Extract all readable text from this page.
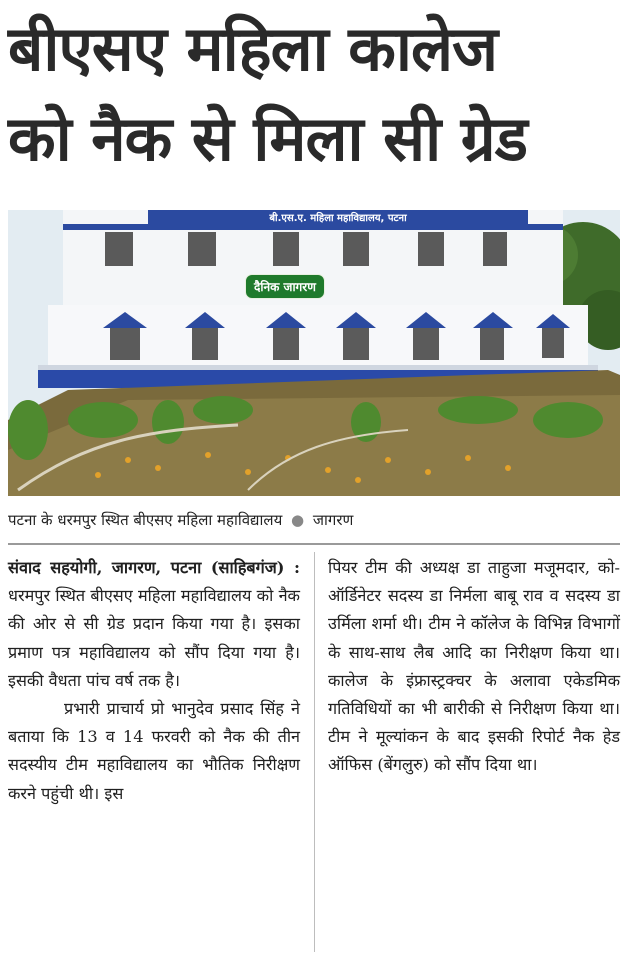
बीएसए महिला कालेज
को नैक से मिला सी ग्रेड
बी.एस.ए. महिला महाविद्यालय, पटना
दैनिक जागरण
पटना के धरमपुर स्थित बीएसए महिला महाविद्यालय ● जागरण

संवाद सहयोगी, जागरण, पटना (साहिबगंज) : धरमपुर स्थित बीएसए महिला महाविद्यालय को नैक की ओर से सी ग्रेड प्रदान किया गया है। इसका प्रमाण पत्र महाविद्यालय को सौंप दिया गया है। इसकी वैधता पांच वर्ष तक है।

प्रभारी प्राचार्य प्रो भानुदेव प्रसाद सिंह ने बताया कि 13 व 14 फरवरी को नैक की तीन सदस्यीय टीम महाविद्यालय का भौतिक निरीक्षण करने पहुंची थी। इस

पियर टीम की अध्यक्ष डा ताहुजा मजूमदार, को-ऑर्डिनेटर सदस्य डा निर्मला बाबू राव व सदस्य डा उर्मिला शर्मा थी। टीम ने कॉलेज के विभिन्न विभागों के साथ-साथ लैब आदि का निरीक्षण किया था। कालेज के इंफ्रास्ट्रक्चर के अलावा एकेडमिक गतिविधियों का भी बारीकी से निरीक्षण किया था। टीम ने मूल्यांकन के बाद इसकी रिपोर्ट नैक हेड ऑफिस (बेंगलुरु) को सौंप दिया था।
